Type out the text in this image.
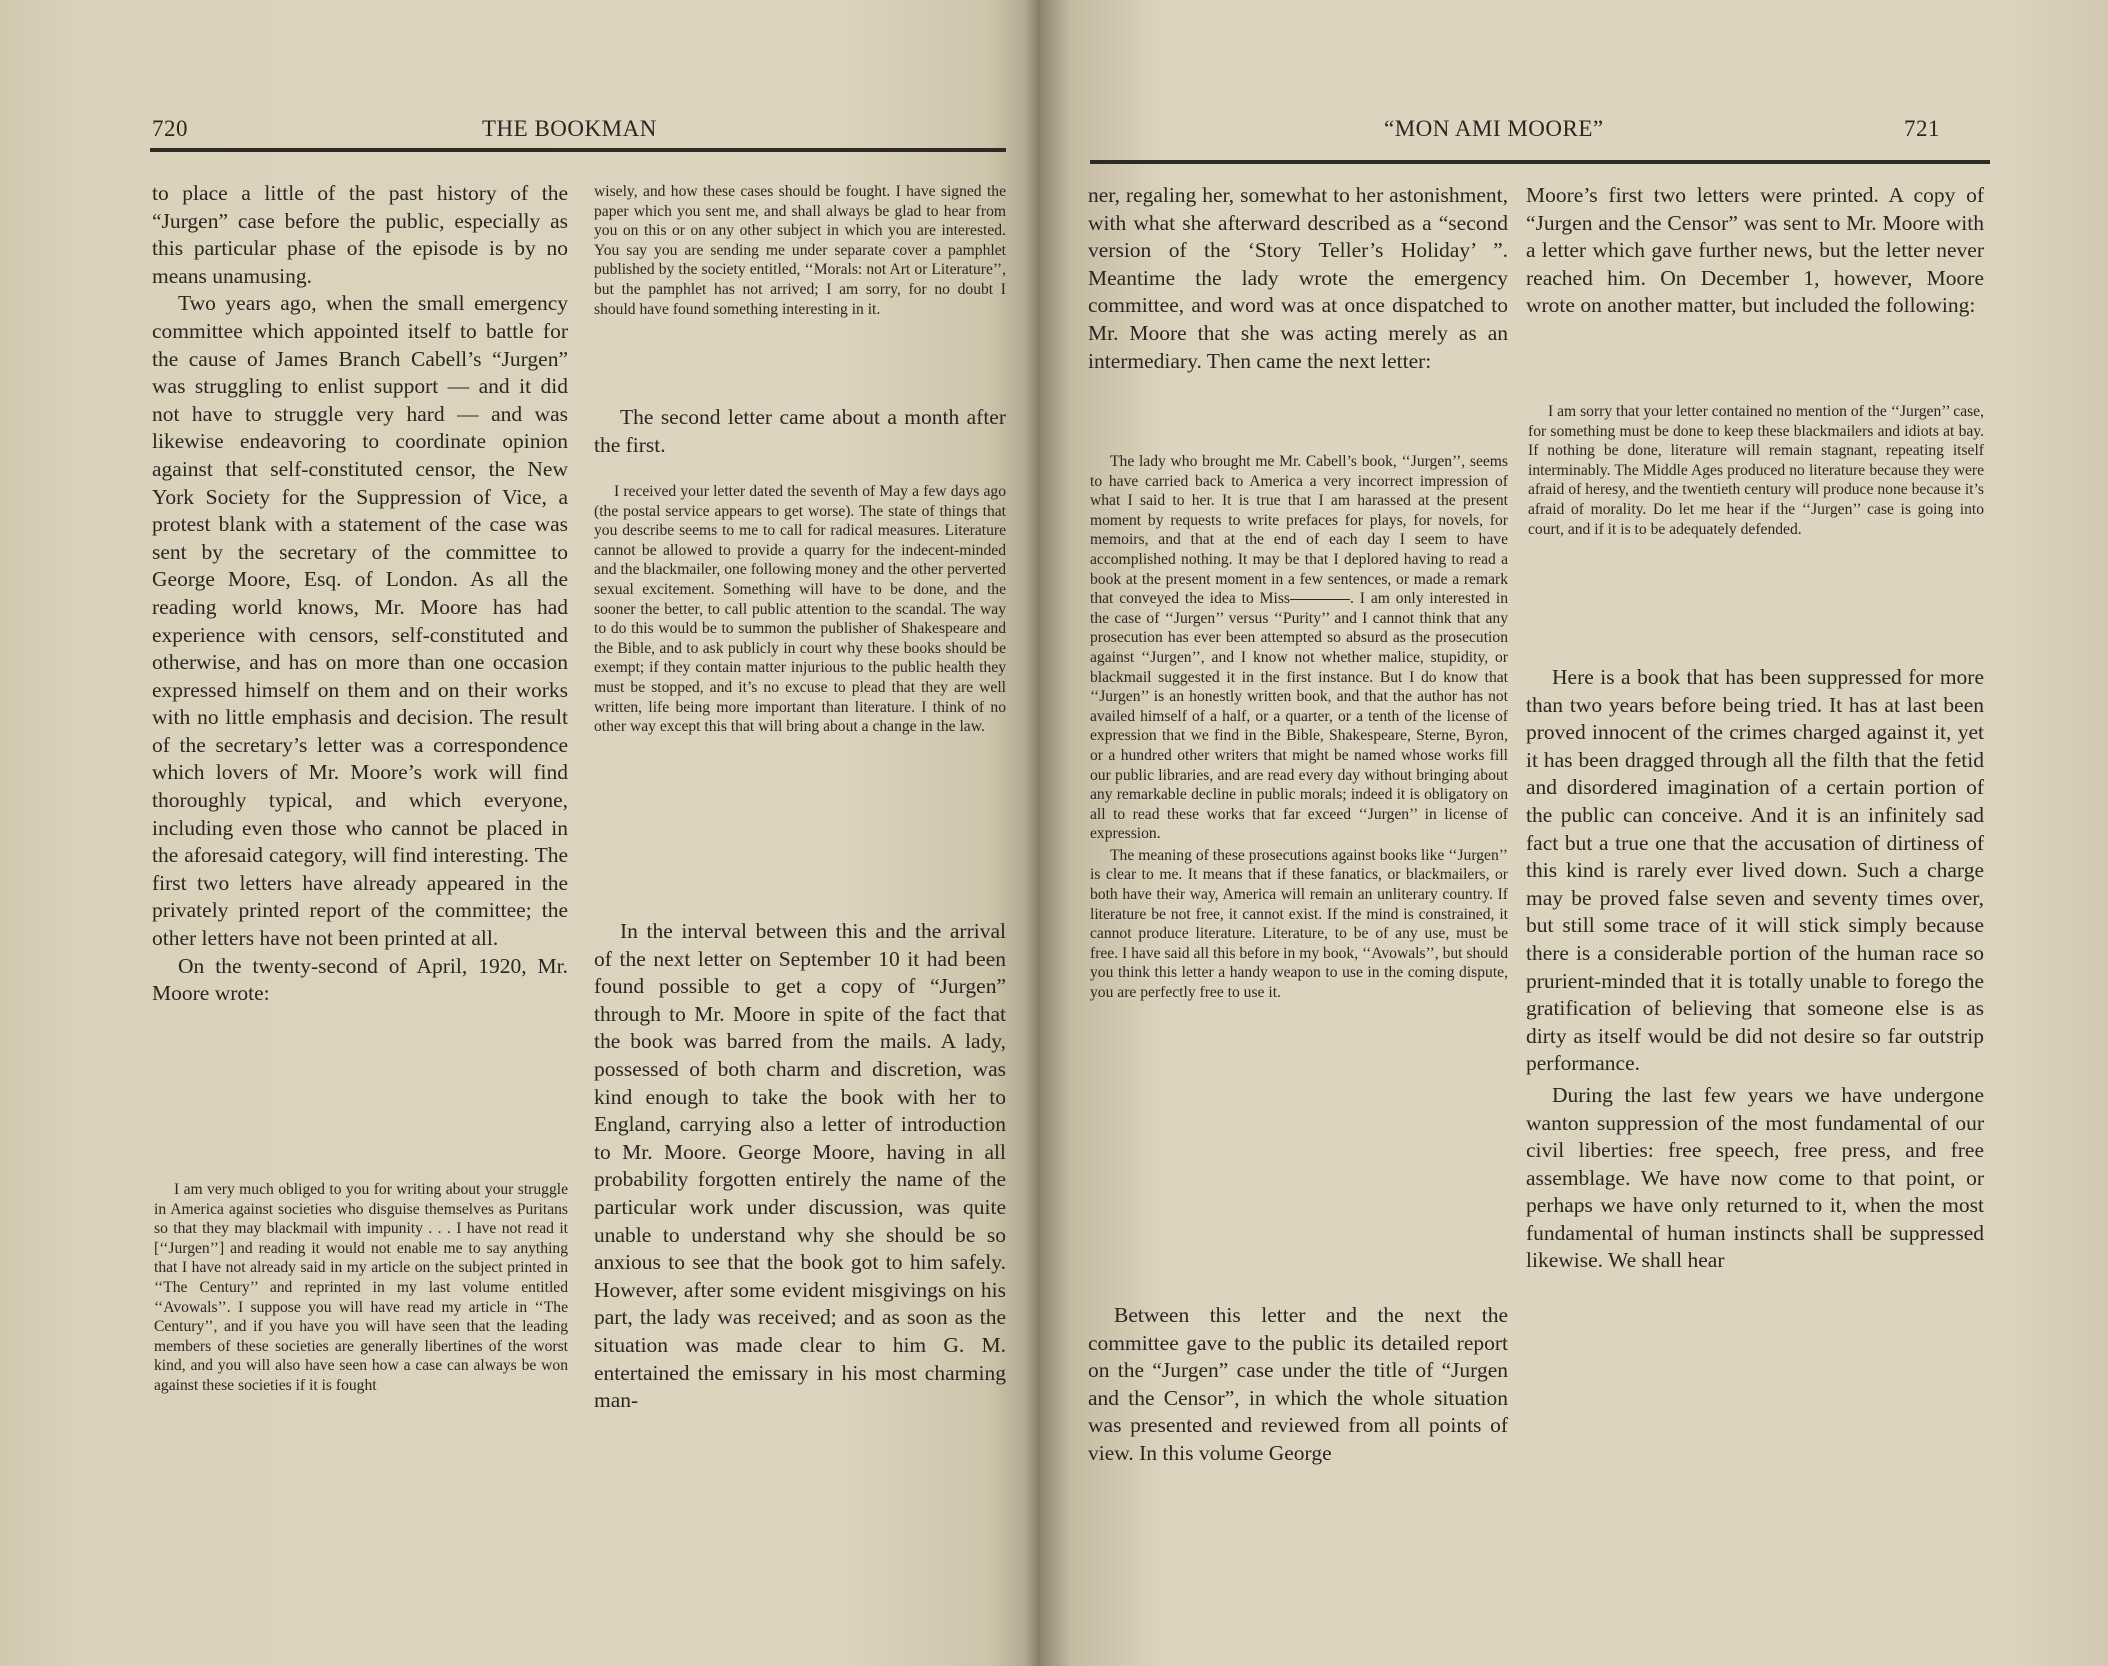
720	THE BOOKMAN

to place a little of the past history of the “Jurgen” case before the public, especially as this particular phase of the episode is by no means unamusing.

Two years ago, when the small emergency committee which appointed itself to battle for the cause of James Branch Cabell’s “Jurgen” was struggling to enlist support — and it did not have to struggle very hard — and was likewise endeavoring to coordinate opinion against that self-constituted censor, the New York Society for the Suppression of Vice, a protest blank with a statement of the case was sent by the secretary of the committee to George Moore, Esq. of London. As all the reading world knows, Mr. Moore has had experience with censors, self-constituted and otherwise, and has on more than one occasion expressed himself on them and on their works with no little emphasis and decision. The result of the secretary’s letter was a correspondence which lovers of Mr. Moore’s work will find thoroughly typical, and which everyone, including even those who cannot be placed in the aforesaid category, will find interesting. The first two letters have already appeared in the privately printed report of the committee; the other letters have not been printed at all.

On the twenty-second of April, 1920, Mr. Moore wrote:

I am very much obliged to you for writing about your struggle in America against societies who disguise themselves as Puritans so that they may blackmail with impunity . . . I have not read it [‘‘Jurgen’’] and reading it would not enable me to say anything that I have not already said in my article on the subject printed in ‘‘The Century’’ and reprinted in my last volume entitled ‘‘Avowals’’. I suppose you will have read my article in ‘‘The Century’’, and if you have you will have seen that the leading members of these societies are generally libertines of the worst kind, and you will also have seen how a case can always be won against these societies if it is fought

wisely, and how these cases should be fought. I have signed the paper which you sent me, and shall always be glad to hear from you on this or on any other subject in which you are interested. You say you are sending me under separate cover a pamphlet published by the society entitled, ‘‘Morals: not Art or Literature’’, but the pamphlet has not arrived; I am sorry, for no doubt I should have found something interesting in it.

The second letter came about a month after the first.

I received your letter dated the seventh of May a few days ago (the postal service appears to get worse). The state of things that you describe seems to me to call for radical measures. Literature cannot be allowed to provide a quarry for the indecent-minded and the blackmailer, one following money and the other perverted sexual excitement. Something will have to be done, and the sooner the better, to call public attention to the scandal. The way to do this would be to summon the publisher of Shakespeare and the Bible, and to ask publicly in court why these books should be exempt; if they contain matter injurious to the public health they must be stopped, and it’s no excuse to plead that they are well written, life being more important than literature. I think of no other way except this that will bring about a change in the law.

In the interval between this and the arrival of the next letter on September 10 it had been found possible to get a copy of “Jurgen” through to Mr. Moore in spite of the fact that the book was barred from the mails. A lady, possessed of both charm and discretion, was kind enough to take the book with her to England, carrying also a letter of introduction to Mr. Moore. George Moore, having in all probability forgotten entirely the name of the particular work under discussion, was quite unable to understand why she should be so anxious to see that the book got to him safely. However, after some evident misgivings on his part, the lady was received; and as soon as the situation was made clear to him G. M. entertained the emissary in his most charming man-

“MON AMI MOORE”	721

ner, regaling her, somewhat to her astonishment, with what she afterward described as a “second version of the ‘Story Teller’s Holiday’ ”. Meantime the lady wrote the emergency committee, and word was at once dispatched to Mr. Moore that she was acting merely as an intermediary. Then came the next letter:

The lady who brought me Mr. Cabell’s book, ‘‘Jurgen’’, seems to have carried back to America a very incorrect impression of what I said to her. It is true that I am harassed at the present moment by requests to write prefaces for plays, for novels, for memoirs, and that at the end of each day I seem to have accomplished nothing. It may be that I deplored having to read a book at the present moment in a few sentences, or made a remark that conveyed the idea to Miss	. I am only interested in the case of ‘‘Jurgen’’ versus ‘‘Purity’’ and I cannot think that any prosecution has ever been attempted so absurd as the prosecution against ‘‘Jurgen’’, and I know not whether malice, stupidity, or blackmail suggested it in the first instance. But I do know that ‘‘Jurgen’’ is an honestly written book, and that the author has not availed himself of a half, or a quarter, or a tenth of the license of expression that we find in the Bible, Shakespeare, Sterne, Byron, or a hundred other writers that might be named whose works fill our public libraries, and are read every day without bringing about any remarkable decline in public morals; indeed it is obligatory on all to read these works that far exceed ‘‘Jurgen’’ in license of expression.

The meaning of these prosecutions against books like ‘‘Jurgen’’ is clear to me. It means that if these fanatics, or blackmailers, or both have their way, America will remain an unliterary country. If literature be not free, it cannot exist. If the mind is constrained, it cannot produce literature. Literature, to be of any use, must be free. I have said all this before in my book, ‘‘Avowals’’, but should you think this letter a handy weapon to use in the coming dispute, you are perfectly free to use it.

Between this letter and the next the committee gave to the public its detailed report on the “Jurgen” case under the title of “Jurgen and the Censor”, in which the whole situation was presented and reviewed from all points of view. In this volume George

Moore’s first two letters were printed. A copy of “Jurgen and the Censor” was sent to Mr. Moore with a letter which gave further news, but the letter never reached him. On December 1, however, Moore wrote on another matter, but included the following:

I am sorry that your letter contained no mention of the ‘‘Jurgen’’ case, for something must be done to keep these blackmailers and idiots at bay. If nothing be done, literature will remain stagnant, repeating itself interminably. The Middle Ages produced no literature because they were afraid of heresy, and the twentieth century will produce none because it’s afraid of morality. Do let me hear if the ‘‘Jurgen’’ case is going into court, and if it is to be adequately defended.

Here is a book that has been suppressed for more than two years before being tried. It has at last been proved innocent of the crimes charged against it, yet it has been dragged through all the filth that the fetid and disordered imagination of a certain portion of the public can conceive. And it is an infinitely sad fact but a true one that the accusation of dirtiness of this kind is rarely ever lived down. Such a charge may be proved false seven and seventy times over, but still some trace of it will stick simply because there is a considerable portion of the human race so prurient-minded that it is totally unable to forego the gratification of believing that someone else is as dirty as itself would be did not desire so far outstrip performance.

During the last few years we have undergone wanton suppression of the most fundamental of our civil liberties: free speech, free press, and free assemblage. We have now come to that point, or perhaps we have only returned to it, when the most fundamental of human instincts shall be suppressed likewise. We shall hear
